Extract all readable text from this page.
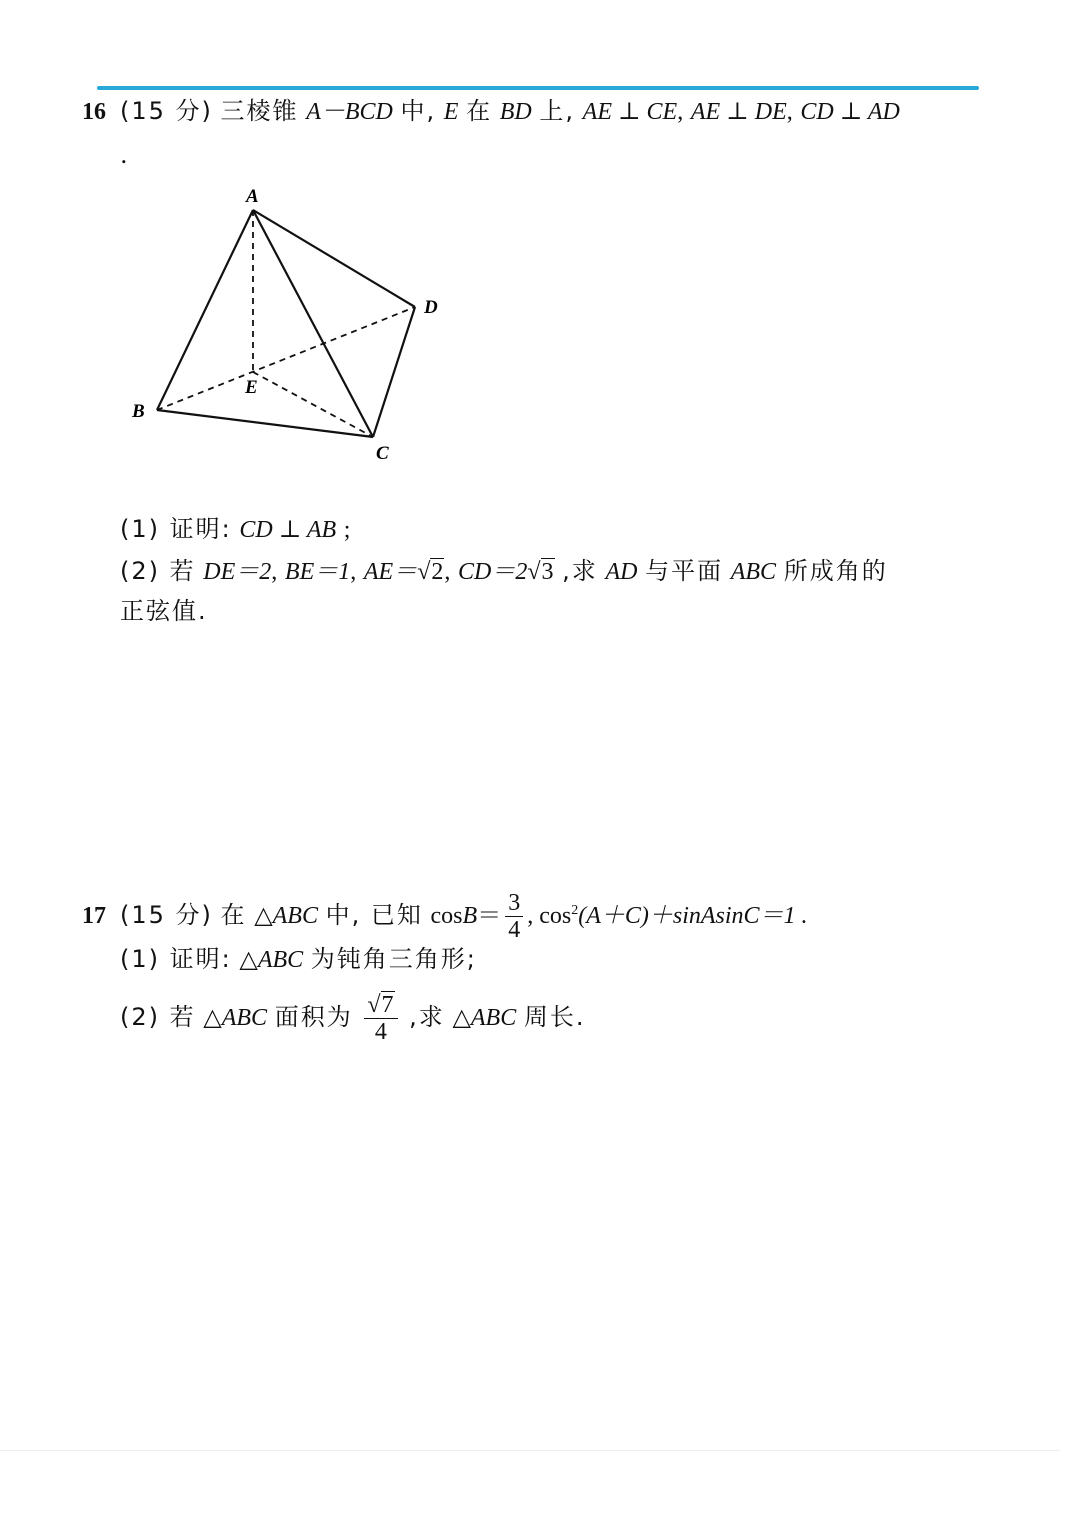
16 (15 分) 三棱锥 A－BCD 中, E 在 BD 上, AE ⊥ CE, AE ⊥ DE, CD ⊥ AD
.
A
B
C
D
E
(1) 证明: CD ⊥ AB ;
(2) 若 DE＝2, BE＝1, AE＝√2, CD＝2√3 ,求 AD 与平面 ABC 所成角的
正弦值.
17 (15 分) 在 △ABC 中, 已知 $\cos B= \frac{3}{4}$ , $\cos^2(A+C)+sinAsinC=1$ .
(1) 证明: △ABC 为钝角三角形;
(2) 若 △ABC 面积为 $\frac{√7}{4}$ ,求 △ABC 周长.
